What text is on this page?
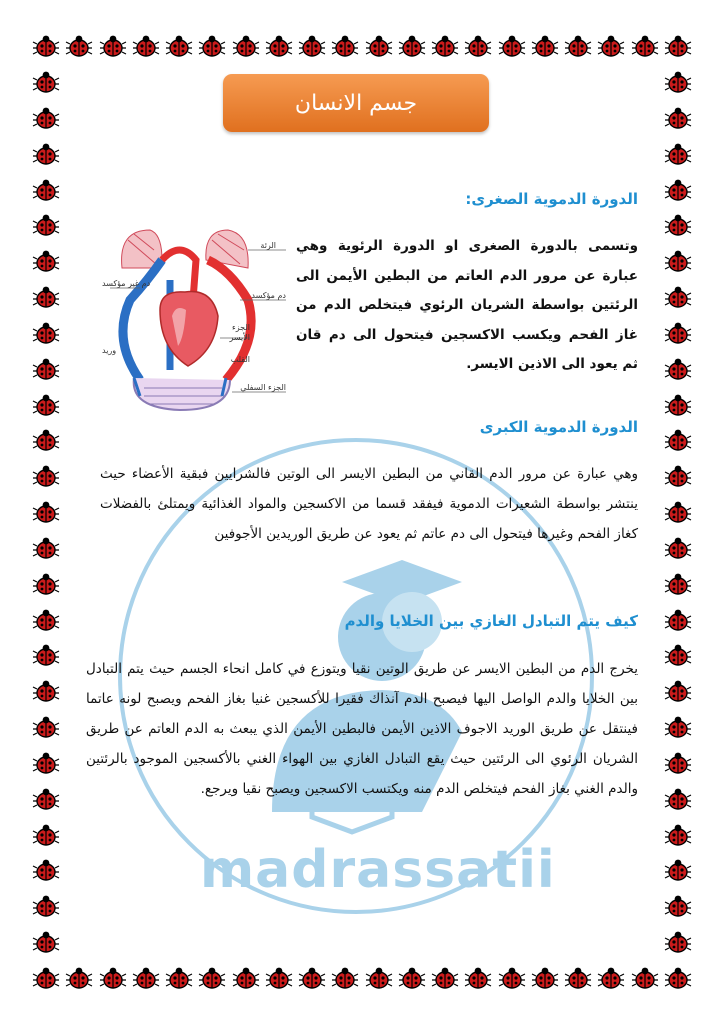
madrassatii
جسم الانسان
الدورة الدموية الصغرى:
وتسمى بالدورة الصغرى او الدورة الرئوية وهي عبارة عن مرور الدم العاتم من البطين الأيمن الى الرئتين بواسطة الشريان الرئوي فيتخلص الدم من غاز الفحم ويكسب الاكسجين فيتحول الى دم قان ثم يعود الى الاذين الايسر.
الرئة
دم مؤكسد
دم غير مؤكسد
الجزء
الأيسر
وريد
القلب
الجزء السفلي
الدورة الدموية الكبرى
وهي عبارة عن مرور الدم القاني من البطين الايسر الى الوتين فالشرايين فبقية الأعضاء حيث ينتشر بواسطة الشعيرات الدموية فيفقد قسما من الاكسجين والمواد الغذائية ويمتلئ بالفضلات كغاز الفحم وغيرها فيتحول الى دم عاتم ثم يعود عن طريق الوريدين الأجوفين
كيف يتم التبادل الغازي بين الخلايا والدم
يخرج الدم من البطين الايسر عن طريق الوتين نقيا ويتوزع في كامل انحاء الجسم حيث يتم التبادل بين الخلايا والدم الواصل اليها فيصبح الدم آنذاك فقيرا للأكسجين غنيا بغاز الفحم ويصبح لونه عاتما فينتقل عن طريق الوريد الاجوف الاذين الأيمن فالبطين الأيمن الذي يبعث به الدم العاتم عن طريق الشريان الرئوي الى الرئتين حيث يقع التبادل الغازي بين الهواء الغني بالأكسجين الموجود بالرئتين والدم الغني بغاز الفحم فيتخلص الدم منه ويكتسب الاكسجين ويصبح نقيا ويرجع.
